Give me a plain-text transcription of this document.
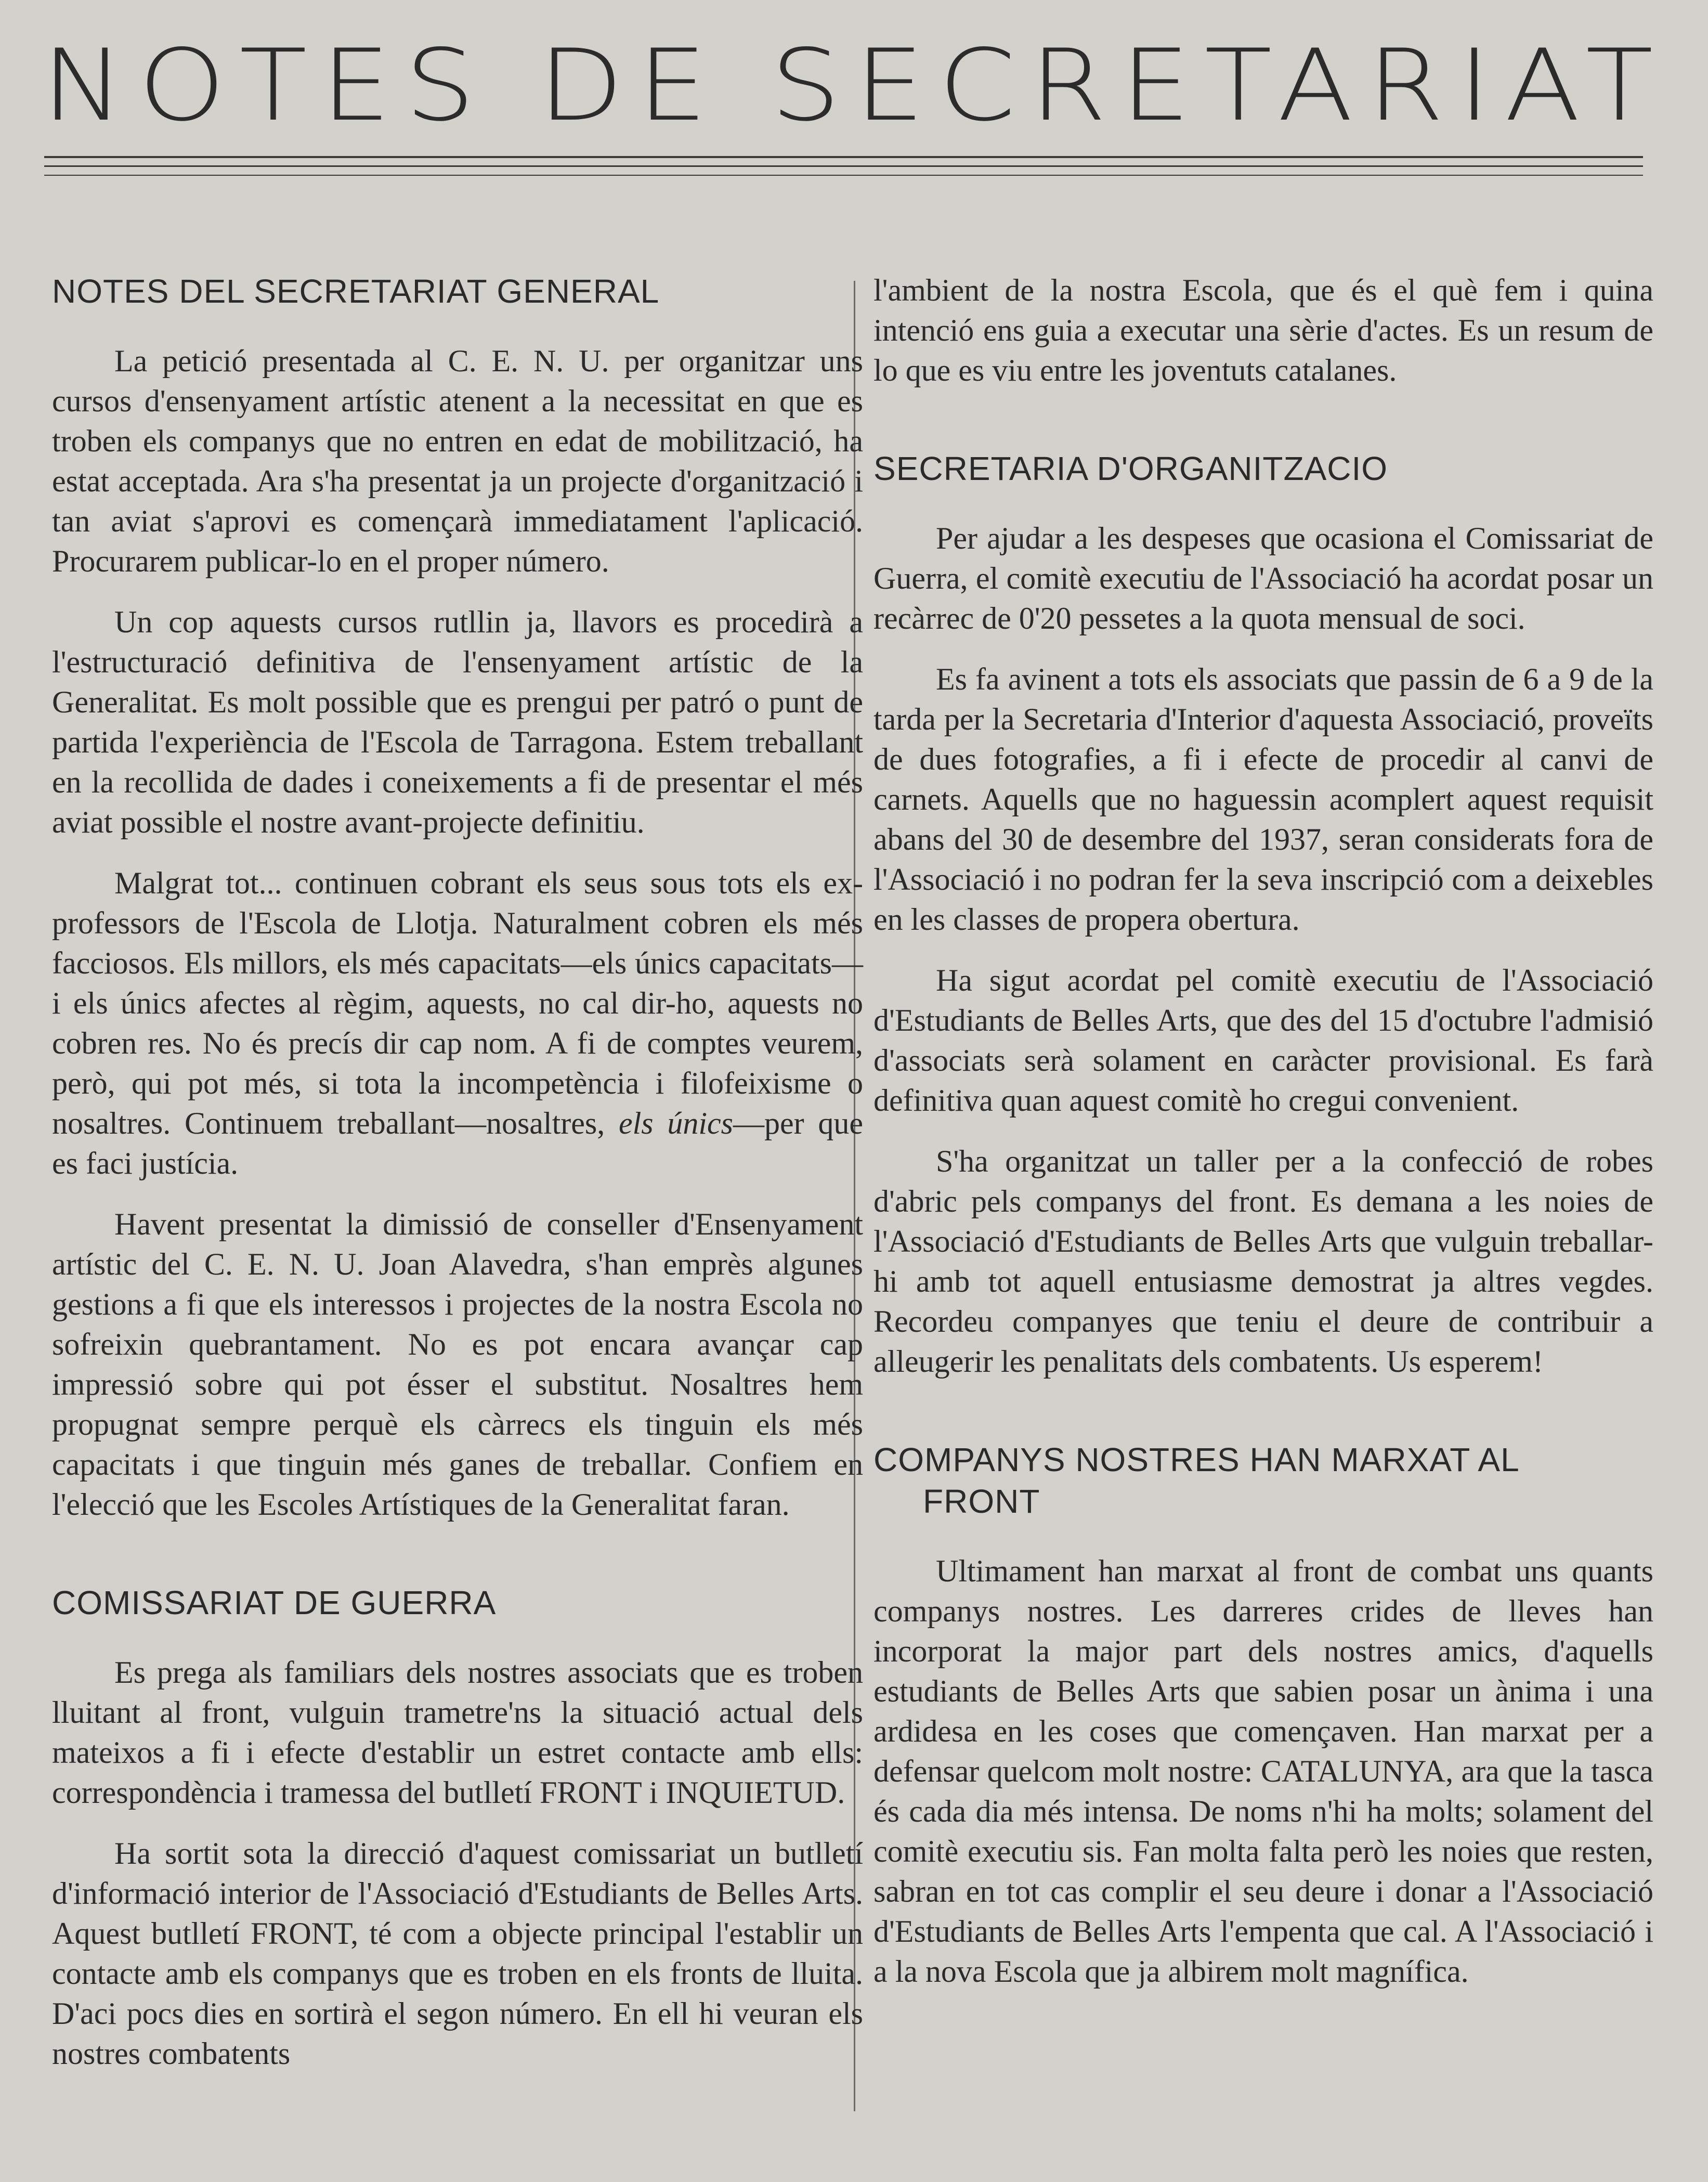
NOTES DE SECRETARIAT
NOTES DEL SECRETARIAT GENERAL

La petició presentada al C. E. N. U. per organitzar uns cursos d'ensenyament artístic atenent a la necessitat en que es troben els companys que no entren en edat de mobilització, ha estat acceptada. Ara s'ha presentat ja un projecte d'organització i tan aviat s'aprovi es començarà immediatament l'aplicació. Procurarem publicar-lo en el proper número.

Un cop aquests cursos rutllin ja, llavors es procedirà a l'estructuració definitiva de l'ensenyament artístic de la Generalitat. Es molt possible que es prengui per patró o punt de partida l'experiència de l'Escola de Tarragona. Estem treballant en la recollida de dades i coneixements a fi de presentar el més aviat possible el nostre avant-projecte definitiu.

Malgrat tot... continuen cobrant els seus sous tots els ex-professors de l'Escola de Llotja. Naturalment cobren els més facciosos. Els millors, els més capacitats—els únics capacitats—i els únics afectes al règim, aquests, no cal dir-ho, aquests no cobren res. No és precís dir cap nom. A fi de comptes veurem, però, qui pot més, si tota la incompetència i filofeixisme o nosaltres. Continuem treballant—nosaltres, els únics—per que es faci justícia.

Havent presentat la dimissió de conseller d'Ensenyament artístic del C. E. N. U. Joan Alavedra, s'han emprès algunes gestions a fi que els interessos i projectes de la nostra Escola no sofreixin quebrantament. No es pot encara avançar cap impressió sobre qui pot ésser el substitut. Nosaltres hem propugnat sempre perquè els càrrecs els tinguin els més capacitats i que tinguin més ganes de treballar. Confiem en l'elecció que les Escoles Artístiques de la Generalitat faran.

COMISSARIAT DE GUERRA

Es prega als familiars dels nostres associats que es troben lluitant al front, vulguin trametre'ns la situació actual dels mateixos a fi i efecte d'establir un estret contacte amb ells: correspondència i tramessa del butlletí FRONT i INQUIETUD.

Ha sortit sota la direcció d'aquest comissariat un butlletí d'informació interior de l'Associació d'Estudiants de Belles Arts. Aquest butlletí FRONT, té com a objecte principal l'establir un contacte amb els companys que es troben en els fronts de lluita. D'aci pocs dies en sortirà el segon número. En ell hi veuran els nostres combatents

l'ambient de la nostra Escola, que és el què fem i quina intenció ens guia a executar una sèrie d'actes. Es un resum de lo que es viu entre les joventuts catalanes.

SECRETARIA D'ORGANITZACIO

Per ajudar a les despeses que ocasiona el Comissariat de Guerra, el comitè executiu de l'Associació ha acordat posar un recàrrec de 0'20 pessetes a la quota mensual de soci.

Es fa avinent a tots els associats que passin de 6 a 9 de la tarda per la Secretaria d'Interior d'aquesta Associació, proveïts de dues fotografies, a fi i efecte de procedir al canvi de carnets. Aquells que no haguessin acomplert aquest requisit abans del 30 de desembre del 1937, seran considerats fora de l'Associació i no podran fer la seva inscripció com a deixebles en les classes de propera obertura.

Ha sigut acordat pel comitè executiu de l'Associació d'Estudiants de Belles Arts, que des del 15 d'octubre l'admisió d'associats serà solament en caràcter provisional. Es farà definitiva quan aquest comitè ho cregui convenient.

S'ha organitzat un taller per a la confecció de robes d'abric pels companys del front. Es demana a les noies de l'Associació d'Estudiants de Belles Arts que vulguin treballar-hi amb tot aquell entusiasme demostrat ja altres vegdes. Recordeu companyes que teniu el deure de contribuir a alleugerir les penalitats dels combatents. Us esperem!

COMPANYS NOSTRES HAN MARXAT AL
FRONT

Ultimament han marxat al front de combat uns quants companys nostres. Les darreres crides de lleves han incorporat la major part dels nostres amics, d'aquells estudiants de Belles Arts que sabien posar un ànima i una ardidesa en les coses que començaven. Han marxat per a defensar quelcom molt nostre: CATALUNYA, ara que la tasca és cada dia més intensa. De noms n'hi ha molts; solament del comitè executiu sis. Fan molta falta però les noies que resten, sabran en tot cas complir el seu deure i donar a l'Associació d'Estudiants de Belles Arts l'empenta que cal. A l'Associació i a la nova Escola que ja albirem molt magnífica.
